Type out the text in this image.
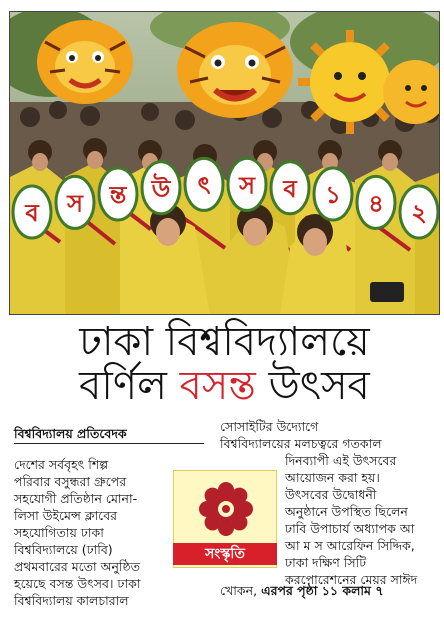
ব স ন্ত উ ৎ স ব ১ ৪ ২
ঢাকা বিশ্ববিদ্যালয়ে
বর্ণিল বসন্ত উৎসব
বিশ্ববিদ্যালয় প্রতিবেদক
দেশের সর্ববৃহৎ শিল্প
পরিবার বসুন্ধরা গ্রুপের
সহযোগী প্রতিষ্ঠান মোনা-
লিসা উইমেন্স ক্লাবের
সহযোগিতায় ঢাকা
বিশ্ববিদ্যালয়ে (ঢাবি)
প্রথমবারের মতো অনুষ্ঠিত
হয়েছে বসন্ত উৎসব। ঢাকা
বিশ্ববিদ্যালয় কালচারাল
সোসাইটির উদ্যোগে
বিশ্ববিদ্যালয়ের মলচত্বরে গতকাল
দিনব্যাপী এই উৎসবের
আয়োজন করা হয়।
উৎসবের উদ্বোধনী
অনুষ্ঠানে উপস্থিত ছিলেন
ঢাবি উপাচার্য অধ্যাপক আ
আ ম স আরেফিন সিদ্দিক,
ঢাকা দক্ষিণ সিটি
করপোরেশনের মেয়র সাঈদ
খোকন, এরপর পৃষ্ঠা ১১ কলাম ৭
সংস্কৃতি
